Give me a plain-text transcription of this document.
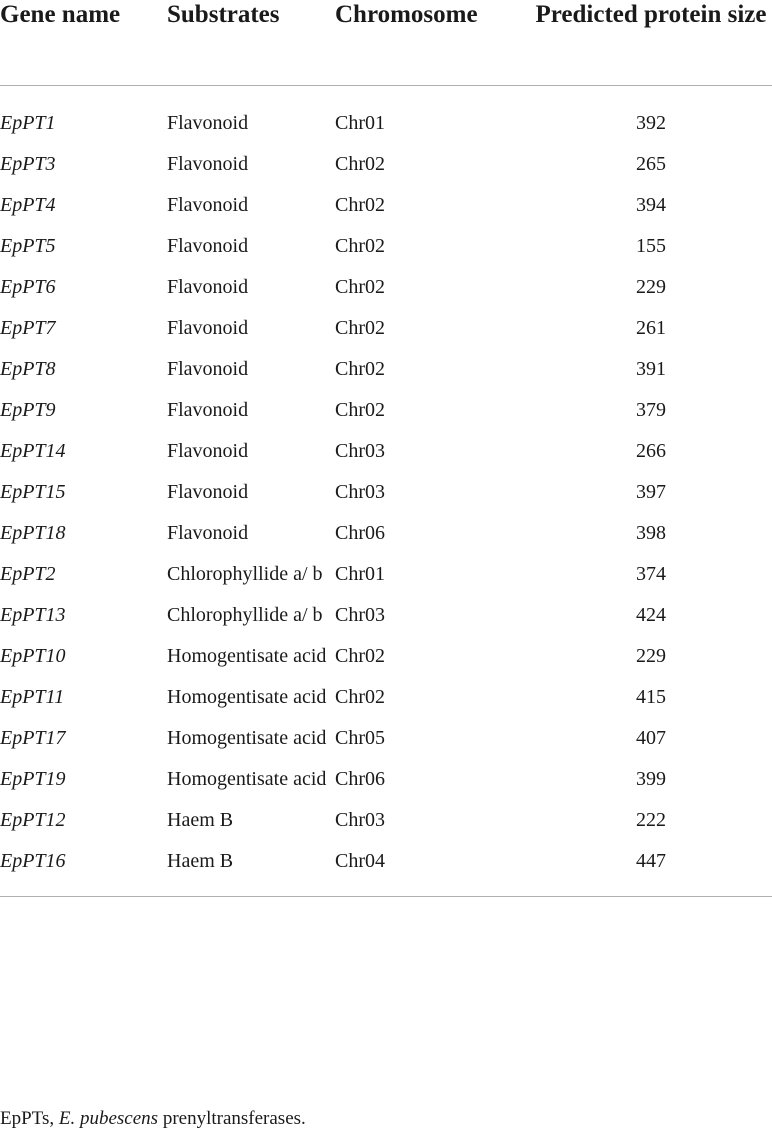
Gene name	Substrates	Chromosome	Predicted protein size
EpPT1	Flavonoid	Chr01	392
EpPT3	Flavonoid	Chr02	265
EpPT4	Flavonoid	Chr02	394
EpPT5	Flavonoid	Chr02	155
EpPT6	Flavonoid	Chr02	229
EpPT7	Flavonoid	Chr02	261
EpPT8	Flavonoid	Chr02	391
EpPT9	Flavonoid	Chr02	379
EpPT14	Flavonoid	Chr03	266
EpPT15	Flavonoid	Chr03	397
EpPT18	Flavonoid	Chr06	398
EpPT2	Chlorophyllide a/ b	Chr01	374
EpPT13	Chlorophyllide a/ b	Chr03	424
EpPT10	Homogentisate acid	Chr02	229
EpPT11	Homogentisate acid	Chr02	415
EpPT17	Homogentisate acid	Chr05	407
EpPT19	Homogentisate acid	Chr06	399
EpPT12	Haem B	Chr03	222
EpPT16	Haem B	Chr04	447
EpPTs, E. pubescens prenyltransferases.
